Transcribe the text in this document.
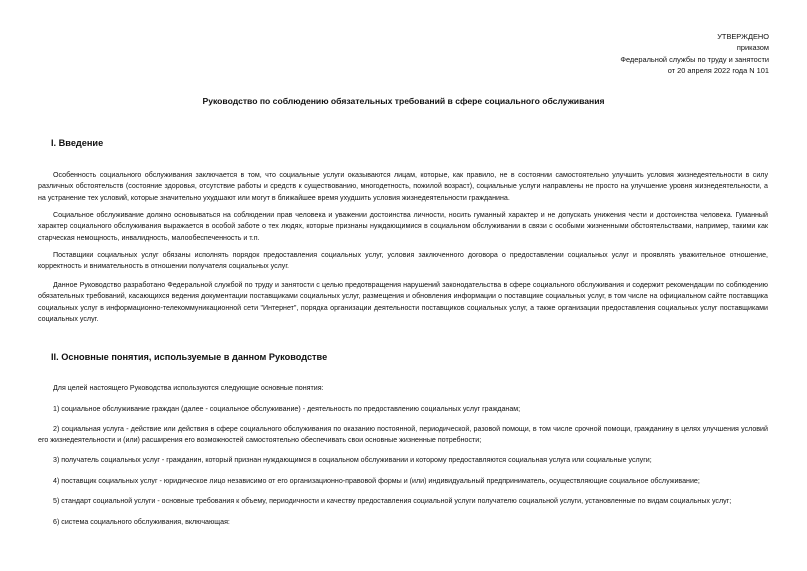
УТВЕРЖДЕНО
приказом
Федеральной службы по труду и занятости
от 20 апреля 2022 года N 101
Руководство по соблюдению обязательных требований в сфере социального обслуживания
I. Введение
Особенность социального обслуживания заключается в том, что социальные услуги оказываются лицам, которые, как правило, не в состоянии самостоятельно улучшить условия жизнедеятельности в силу различных обстоятельств (состояние здоровья, отсутствие работы и средств к существованию, многодетность, пожилой возраст), социальные услуги направлены не просто на улучшение уровня жизнедеятельности, а на устранение тех условий, которые значительно ухудшают или могут в ближайшее время ухудшить условия жизнедеятельности гражданина.
Социальное обслуживание должно основываться на соблюдении прав человека и уважении достоинства личности, носить гуманный характер и не допускать унижения чести и достоинства человека. Гуманный характер социального обслуживания выражается в особой заботе о тех людях, которые признаны нуждающимися в социальном обслуживании в связи с особыми жизненными обстоятельствами, например, такими как старческая немощность, инвалидность, малообеспеченность и т.п.
Поставщики социальных услуг обязаны исполнять порядок предоставления социальных услуг, условия заключенного договора о предоставлении социальных услуг и проявлять уважительное отношение, корректность и внимательность в отношении получателя социальных услуг.
Данное Руководство разработано Федеральной службой по труду и занятости с целью предотвращения нарушений законодательства в сфере социального обслуживания и содержит рекомендации по соблюдению обязательных требований, касающихся ведения документации поставщиками социальных услуг, размещения и обновления информации о поставщике социальных услуг, в том числе на официальном сайте поставщика социальных услуг в информационно-телекоммуникационной сети "Интернет", порядка организации деятельности поставщиков социальных услуг, а также организации предоставления социальных услуг поставщиками социальных услуг.
II. Основные понятия, используемые в данном Руководстве
Для целей настоящего Руководства используются следующие основные понятия:
1) социальное обслуживание граждан (далее - социальное обслуживание) - деятельность по предоставлению социальных услуг гражданам;
2) социальная услуга - действие или действия в сфере социального обслуживания по оказанию постоянной, периодической, разовой помощи, в том числе срочной помощи, гражданину в целях улучшения условий его жизнедеятельности и (или) расширения его возможностей самостоятельно обеспечивать свои основные жизненные потребности;
3) получатель социальных услуг - гражданин, который признан нуждающимся в социальном обслуживании и которому предоставляются социальная услуга или социальные услуги;
4) поставщик социальных услуг - юридическое лицо независимо от его организационно-правовой формы и (или) индивидуальный предприниматель, осуществляющие социальное обслуживание;
5) стандарт социальной услуги - основные требования к объему, периодичности и качеству предоставления социальной услуги получателю социальной услуги, установленные по видам социальных услуг;
6) система социального обслуживания, включающая:
